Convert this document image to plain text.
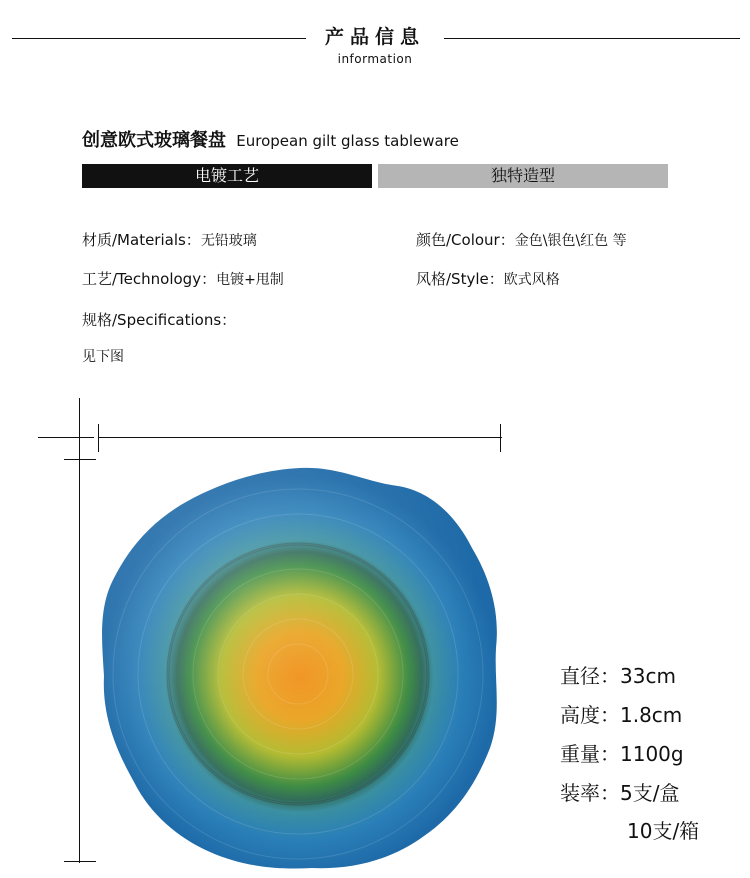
产品信息
information
创意欧式玻璃餐盘 European gilt glass tableware
电镀工艺	独特造型
材质/Materials：无铅玻璃	颜色/Colour：金色\银色\红色 等
工艺/Technology：电镀+甩制	风格/Style：欧式风格
规格/Specifications：
见下图
直径：33cm
高度：1.8cm
重量：1100g
装率：5支/盒
10支/箱
